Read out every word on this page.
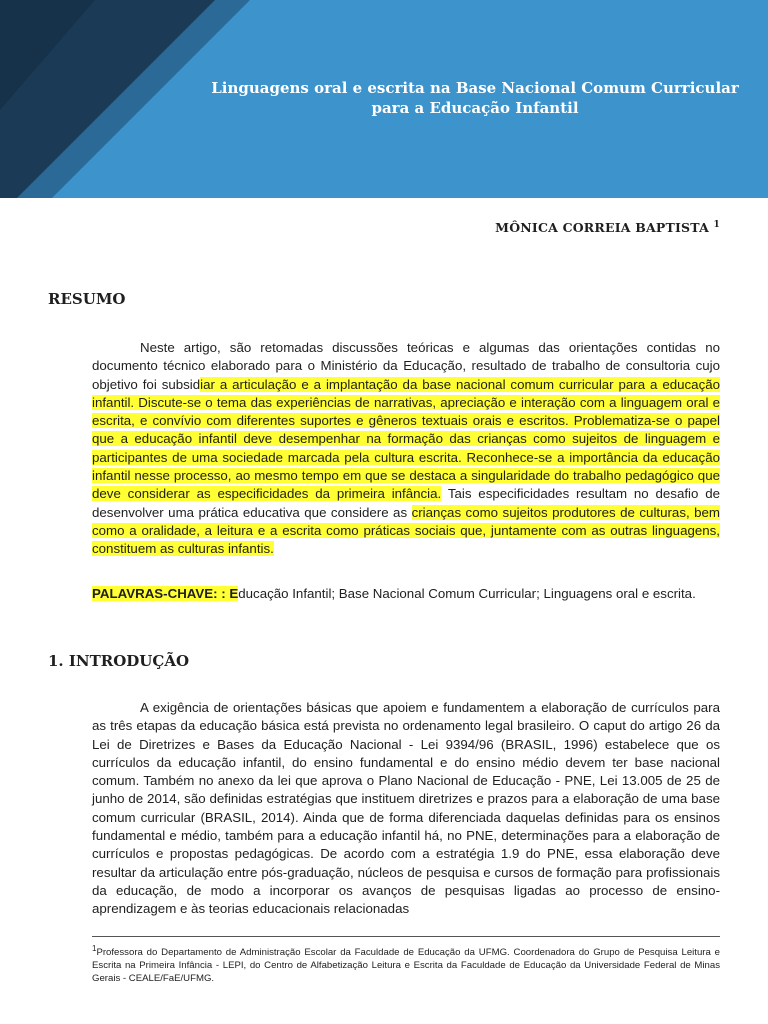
Linguagens oral e escrita na Base Nacional Comum Curricular
para a Educação Infantil
MÔNICA CORREIA BAPTISTA $^1$
RESUMO
Neste artigo, são retomadas discussões teóricas e algumas das orientações contidas no documento técnico elaborado para o Ministério da Educação, resultado de trabalho de consultoria cujo objetivo foi subsidiar a articulação e a implantação da base nacional comum curricular para a educação infantil. Discute-se o tema das experiências de narrativas, apreciação e interação com a linguagem oral e escrita, e convívio com diferentes suportes e gêneros textuais orais e escritos. Problematiza-se o papel que a educação infantil deve desempenhar na formação das crianças como sujeitos de linguagem e participantes de uma sociedade marcada pela cultura escrita. Reconhece-se a importância da educação infantil nesse processo, ao mesmo tempo em que se destaca a singularidade do trabalho pedagógico que deve considerar as especificidades da primeira infância. Tais especificidades resultam no desafio de desenvolver uma prática educativa que considere as crianças como sujeitos produtores de culturas, bem como a oralidade, a leitura e a escrita como práticas sociais que, juntamente com as outras linguagens, constituem as culturas infantis.
PALAVRAS-CHAVE: : Educação Infantil; Base Nacional Comum Curricular; Linguagens oral e escrita.
1. INTRODUÇÃO
A exigência de orientações básicas que apoiem e fundamentem a elaboração de currículos para as três etapas da educação básica está prevista no ordenamento legal brasileiro. O caput do artigo 26 da Lei de Diretrizes e Bases da Educação Nacional - Lei 9394/96 (BRASIL, 1996) estabelece que os currículos da educação infantil, do ensino fundamental e do ensino médio devem ter base nacional comum. Também no anexo da lei que aprova o Plano Nacional de Educação - PNE, Lei 13.005 de 25 de junho de 2014, são definidas estratégias que instituem diretrizes e prazos para a elaboração de uma base comum curricular (BRASIL, 2014). Ainda que de forma diferenciada daquelas definidas para os ensinos fundamental e médio, também para a educação infantil há, no PNE, determinações para a elaboração de currículos e propostas pedagógicas. De acordo com a estratégia 1.9 do PNE, essa elaboração deve resultar da articulação entre pós-graduação, núcleos de pesquisa e cursos de formação para profissionais da educação, de modo a incorporar os avanços de pesquisas ligadas ao processo de ensino-aprendizagem e às teorias educacionais relacionadas
$^1$Professora do Departamento de Administração Escolar da Faculdade de Educação da UFMG. Coordenadora do Grupo de Pesquisa Leitura e Escrita na Primeira Infância - LEPI, do Centro de Alfabetização Leitura e Escrita da Faculdade de Educação da Universidade Federal de Minas Gerais - CEALE/FaE/UFMG.
